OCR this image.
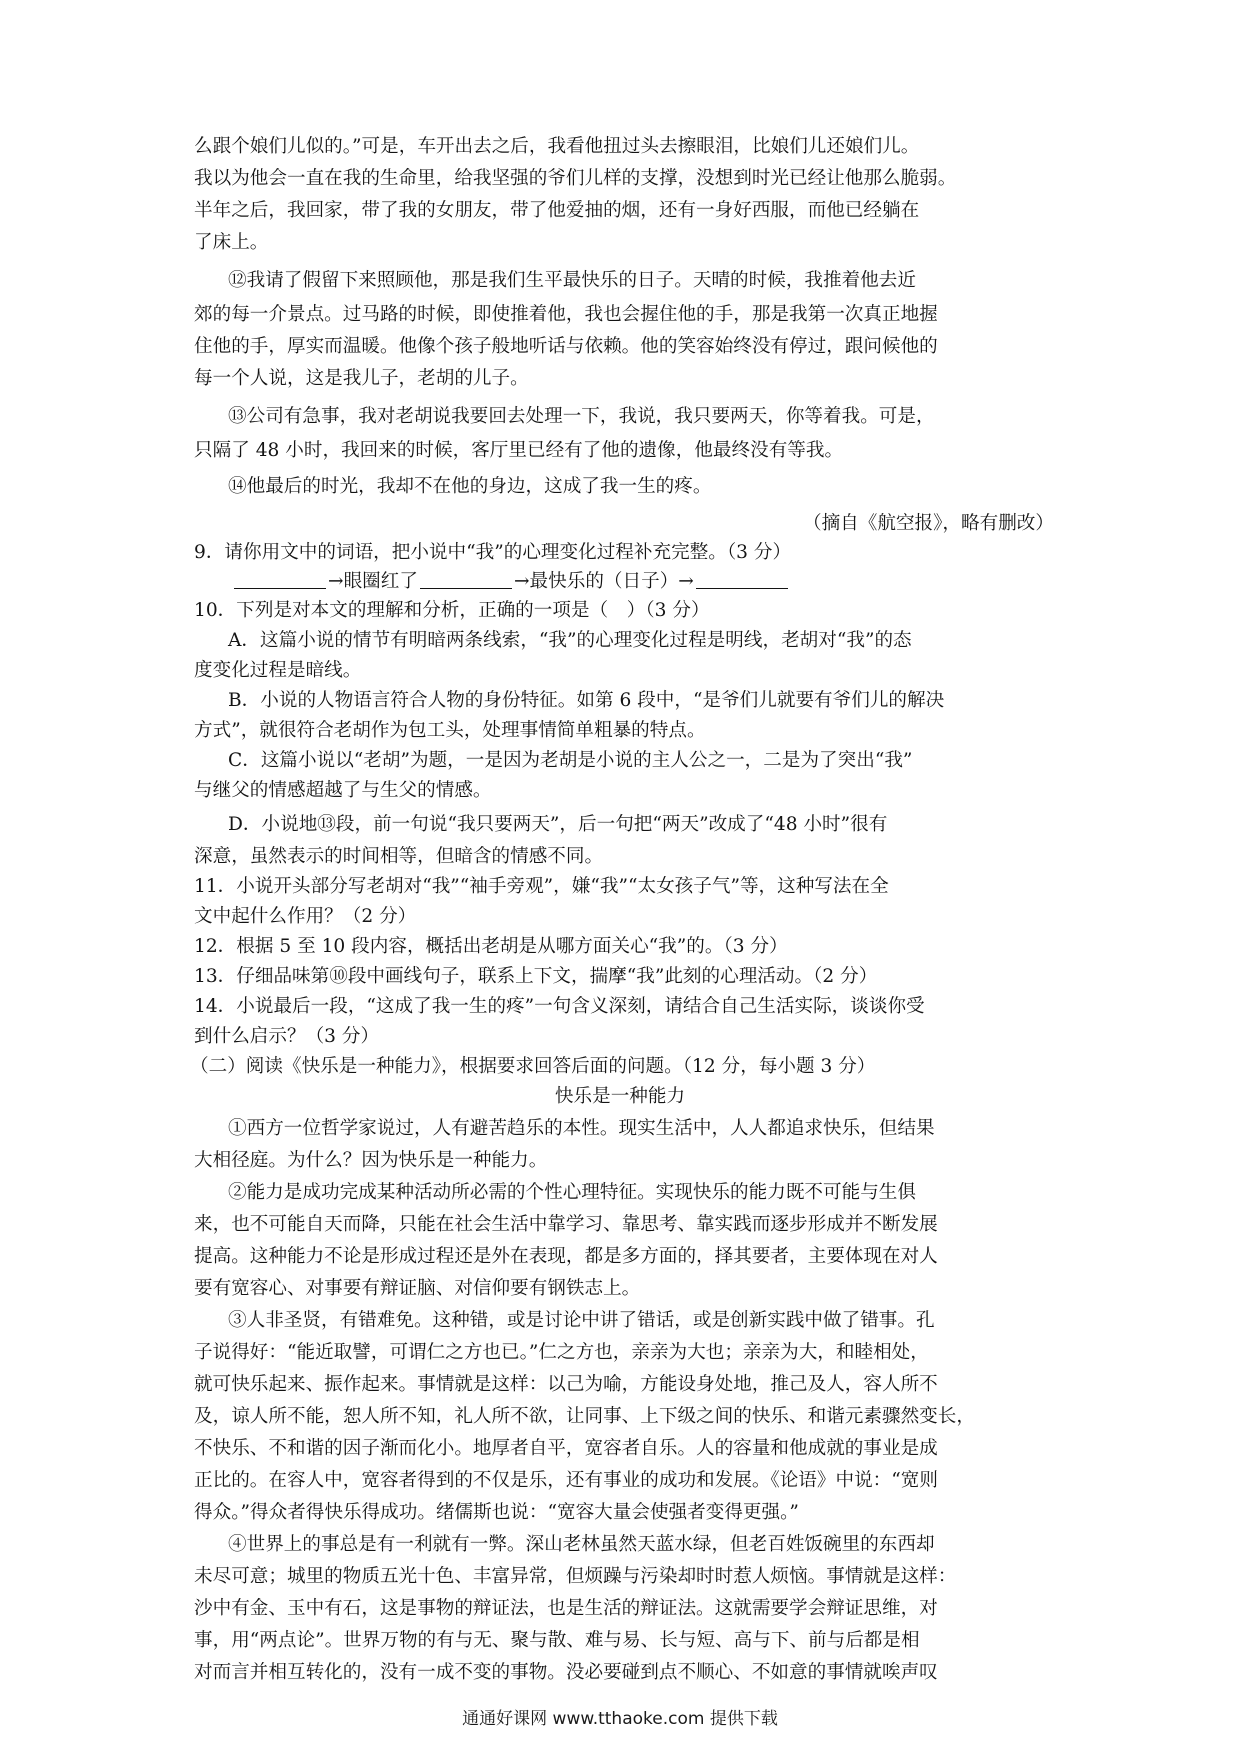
么跟个娘们儿似的。”可是，车开出去之后，我看他扭过头去擦眼泪，比娘们儿还娘们儿。
我以为他会一直在我的生命里，给我坚强的爷们儿样的支撑，没想到时光已经让他那么脆弱。
半年之后，我回家，带了我的女朋友，带了他爱抽的烟，还有一身好西服，而他已经躺在
了床上。
⑫我请了假留下来照顾他，那是我们生平最快乐的日子。天晴的时候，我推着他去近
郊的每一介景点。过马路的时候，即使推着他，我也会握住他的手，那是我第一次真正地握
住他的手，厚实而温暖。他像个孩子般地听话与依赖。他的笑容始终没有停过，跟问候他的
每一个人说，这是我儿子，老胡的儿子。
⑬公司有急事，我对老胡说我要回去处理一下，我说，我只要两天，你等着我。可是，
只隔了 48 小时，我回来的时候，客厅里已经有了他的遗像，他最终没有等我。
⑭他最后的时光，我却不在他的身边，这成了我一生的疼。
（摘自《航空报》，略有删改）
9．请你用文中的词语，把小说中“我”的心理变化过程补充完整。（3 分）
→眼圈红了	→最快乐的（日子）→
10．下列是对本文的理解和分析，正确的一项是（　）（3 分）
A．这篇小说的情节有明暗两条线索，“我”的心理变化过程是明线，老胡对“我”的态
度变化过程是暗线。
B．小说的人物语言符合人物的身份特征。如第 6 段中，“是爷们儿就要有爷们儿的解决
方式”，就很符合老胡作为包工头，处理事情简单粗暴的特点。
C．这篇小说以“老胡”为题，一是因为老胡是小说的主人公之一，二是为了突出“我”
与继父的情感超越了与生父的情感。
D．小说地⑬段，前一句说“我只要两天”，后一句把“两天”改成了“48 小时”很有
深意，虽然表示的时间相等，但暗含的情感不同。
11．小说开头部分写老胡对“我”“袖手旁观”，嫌“我”“太女孩子气”等，这种写法在全
文中起什么作用？（2 分）
12．根据 5 至 10 段内容，概括出老胡是从哪方面关心“我”的。（3 分）
13．仔细品味第⑩段中画线句子，联系上下文，揣摩“我”此刻的心理活动。（2 分）
14．小说最后一段，“这成了我一生的疼”一句含义深刻，请结合自己生活实际，谈谈你受
到什么启示？（3 分）
（二）阅读《快乐是一种能力》，根据要求回答后面的问题。（12 分，每小题 3 分）
快乐是一种能力
①西方一位哲学家说过，人有避苦趋乐的本性。现实生活中，人人都追求快乐，但结果
大相径庭。为什么？因为快乐是一种能力。
②能力是成功完成某种活动所必需的个性心理特征。实现快乐的能力既不可能与生俱
来，也不可能自天而降，只能在社会生活中靠学习、靠思考、靠实践而逐步形成并不断发展
提高。这种能力不论是形成过程还是外在表现，都是多方面的，择其要者，主要体现在对人
要有宽容心、对事要有辩证脑、对信仰要有钢铁志上。
③人非圣贤，有错难免。这种错，或是讨论中讲了错话，或是创新实践中做了错事。孔
子说得好：“能近取譬，可谓仁之方也已。”仁之方也，亲亲为大也；亲亲为大，和睦相处，
就可快乐起来、振作起来。事情就是这样：以己为喻，方能设身处地，推己及人，容人所不
及，谅人所不能，恕人所不知，礼人所不欲，让同事、上下级之间的快乐、和谐元素骤然变长，
不快乐、不和谐的因子渐而化小。地厚者自平，宽容者自乐。人的容量和他成就的事业是成
正比的。在容人中，宽容者得到的不仅是乐，还有事业的成功和发展。《论语》中说：“宽则
得众。”得众者得快乐得成功。绪儒斯也说：“宽容大量会使强者变得更强。”
④世界上的事总是有一利就有一弊。深山老林虽然天蓝水绿，但老百姓饭碗里的东西却
未尽可意；城里的物质五光十色、丰富异常，但烦躁与污染却时时惹人烦恼。事情就是这样：
沙中有金、玉中有石，这是事物的辩证法，也是生活的辩证法。这就需要学会辩证思维，对
事，用“两点论”。世界万物的有与无、聚与散、难与易、长与短、高与下、前与后都是相
对而言并相互转化的，没有一成不变的事物。没必要碰到点不顺心、不如意的事情就唉声叹
通通好课网 www.tthaoke.com 提供下载
